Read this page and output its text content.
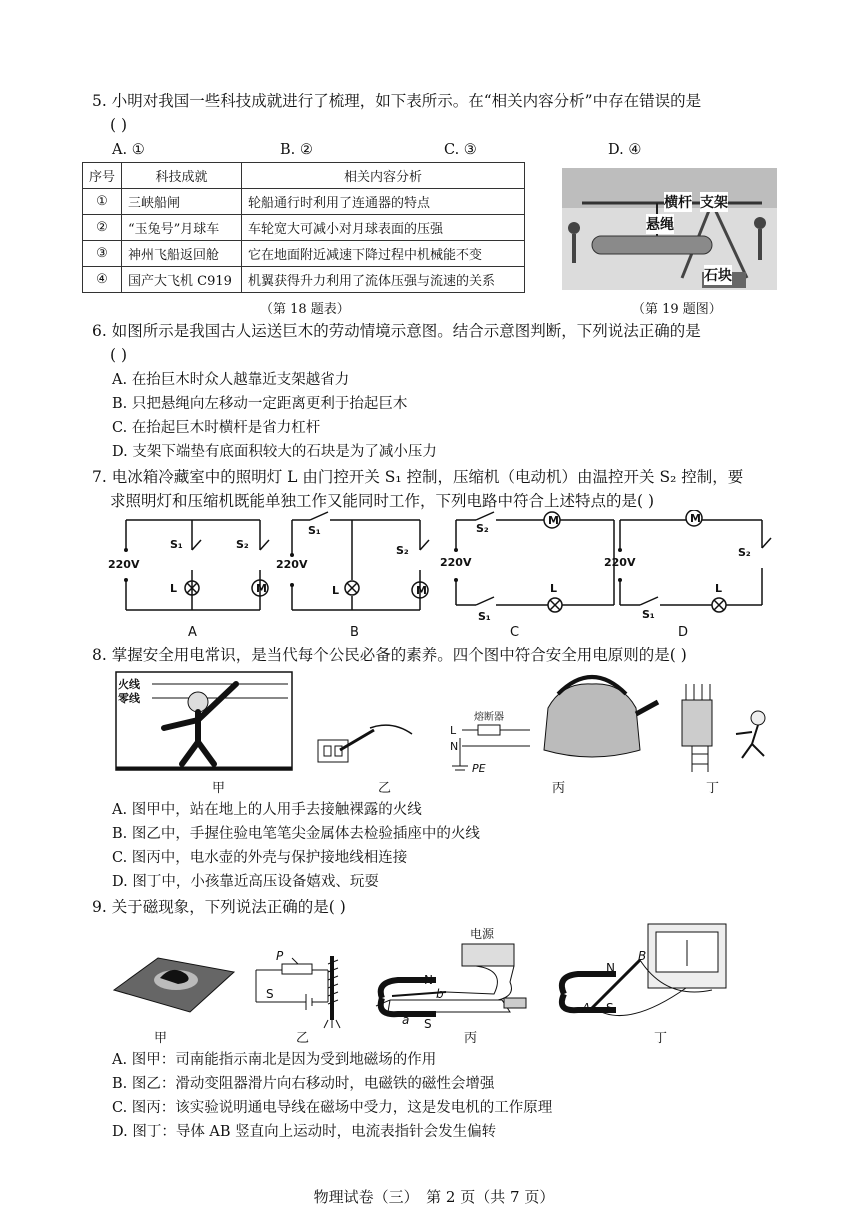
5. 小明对我国一些科技成就进行了梳理，如下表所示。在“相关内容分析”中存在错误的是
( )
A. ①	B. ②	C. ③	D. ④
序号	科技成就	相关内容分析
①	三峡船闸	轮船通行时利用了连通器的特点
②	“玉兔号”月球车	车轮宽大可减小对月球表面的压强
③	神州飞船返回舱	它在地面附近减速下降过程中机械能不变
④	国产大飞机 C919	机翼获得升力利用了流体压强与流速的关系
（第 18 题表）
横杆 支架
悬绳
石块
（第 19 题图）
6. 如图所示是我国古人运送巨木的劳动情境示意图。结合示意图判断，下列说法正确的是
( )
A. 在抬巨木时众人越靠近支架越省力
B. 只把悬绳向左移动一定距离更利于抬起巨木
C. 在抬起巨木时横杆是省力杠杆
D. 支架下端垫有底面积较大的石块是为了减小压力
7. 电冰箱冷藏室中的照明灯 L 由门控开关 S₁ 控制，压缩机（电动机）由温控开关 S₂ 控制，要
求照明灯和压缩机既能单独工作又能同时工作，下列电路中符合上述特点的是( )
220V
S₁	S₂
L	M
220V
S₁
S₂
L	M
220V
S₂
M
L
S₁
220V
M
S₂
L
S₁
A	B	C	D
8. 掌握安全用电常识，是当代每个公民必备的素养。四个图中符合安全用电原则的是( )
火线
零线
L
N
熔断器
PE
甲	乙	丙	丁
A. 图甲中，站在地上的人用手去接触裸露的火线
B. 图乙中，手握住验电笔笔尖金属体去检验插座中的火线
C. 图丙中，电水壶的外壳与保护接地线相连接
D. 图丁中，小孩靠近高压设备嬉戏、玩耍
9. 关于磁现象，下列说法正确的是( )
电源
P
S
N
b
a S
N
B
A S
甲	乙	丙	丁
A. 图甲：司南能指示南北是因为受到地磁场的作用
B. 图乙：滑动变阻器滑片向右移动时，电磁铁的磁性会增强
C. 图丙：该实验说明通电导线在磁场中受力，这是发电机的工作原理
D. 图丁：导体 AB 竖直向上运动时，电流表指针会发生偏转
物理试卷（三）　第 2 页（共 7 页）
